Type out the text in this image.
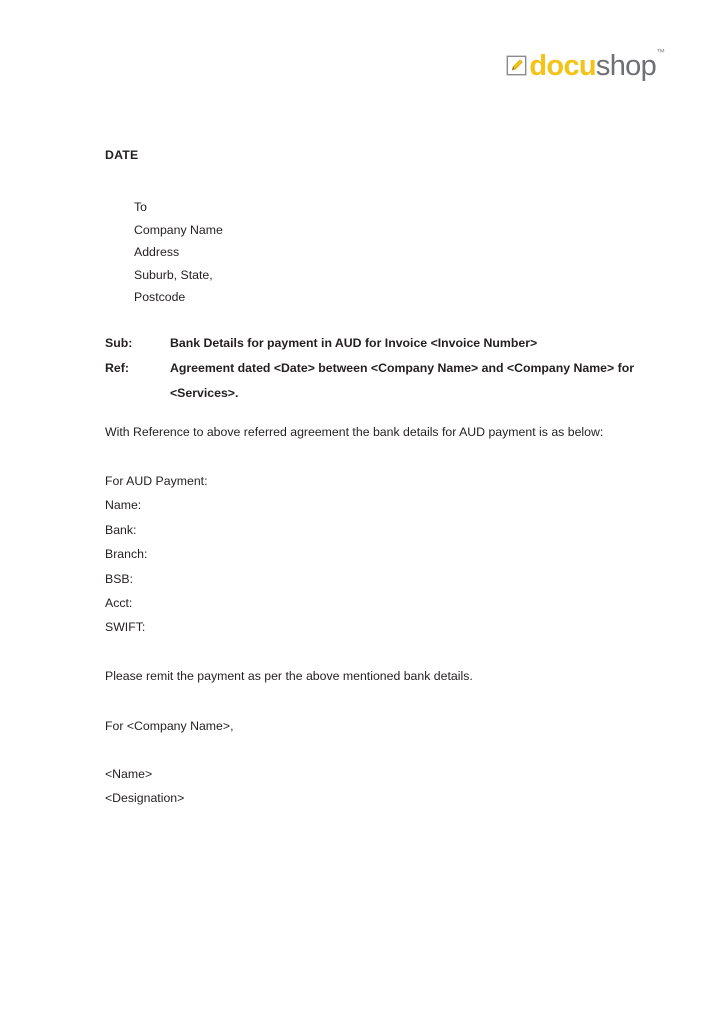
docushop™
DATE
To
Company Name
Address
Suburb, State,
Postcode
Sub:	Bank Details for payment in AUD for Invoice <Invoice Number>
Ref:	Agreement dated <Date> between <Company Name> and <Company Name> for <Services>.
With Reference to above referred agreement the bank details for AUD payment is as below:
For AUD Payment:
Name:
Bank:
Branch:
BSB:
Acct:
SWIFT:
Please remit the payment as per the above mentioned bank details.
For <Company Name>,
<Name>
<Designation>
